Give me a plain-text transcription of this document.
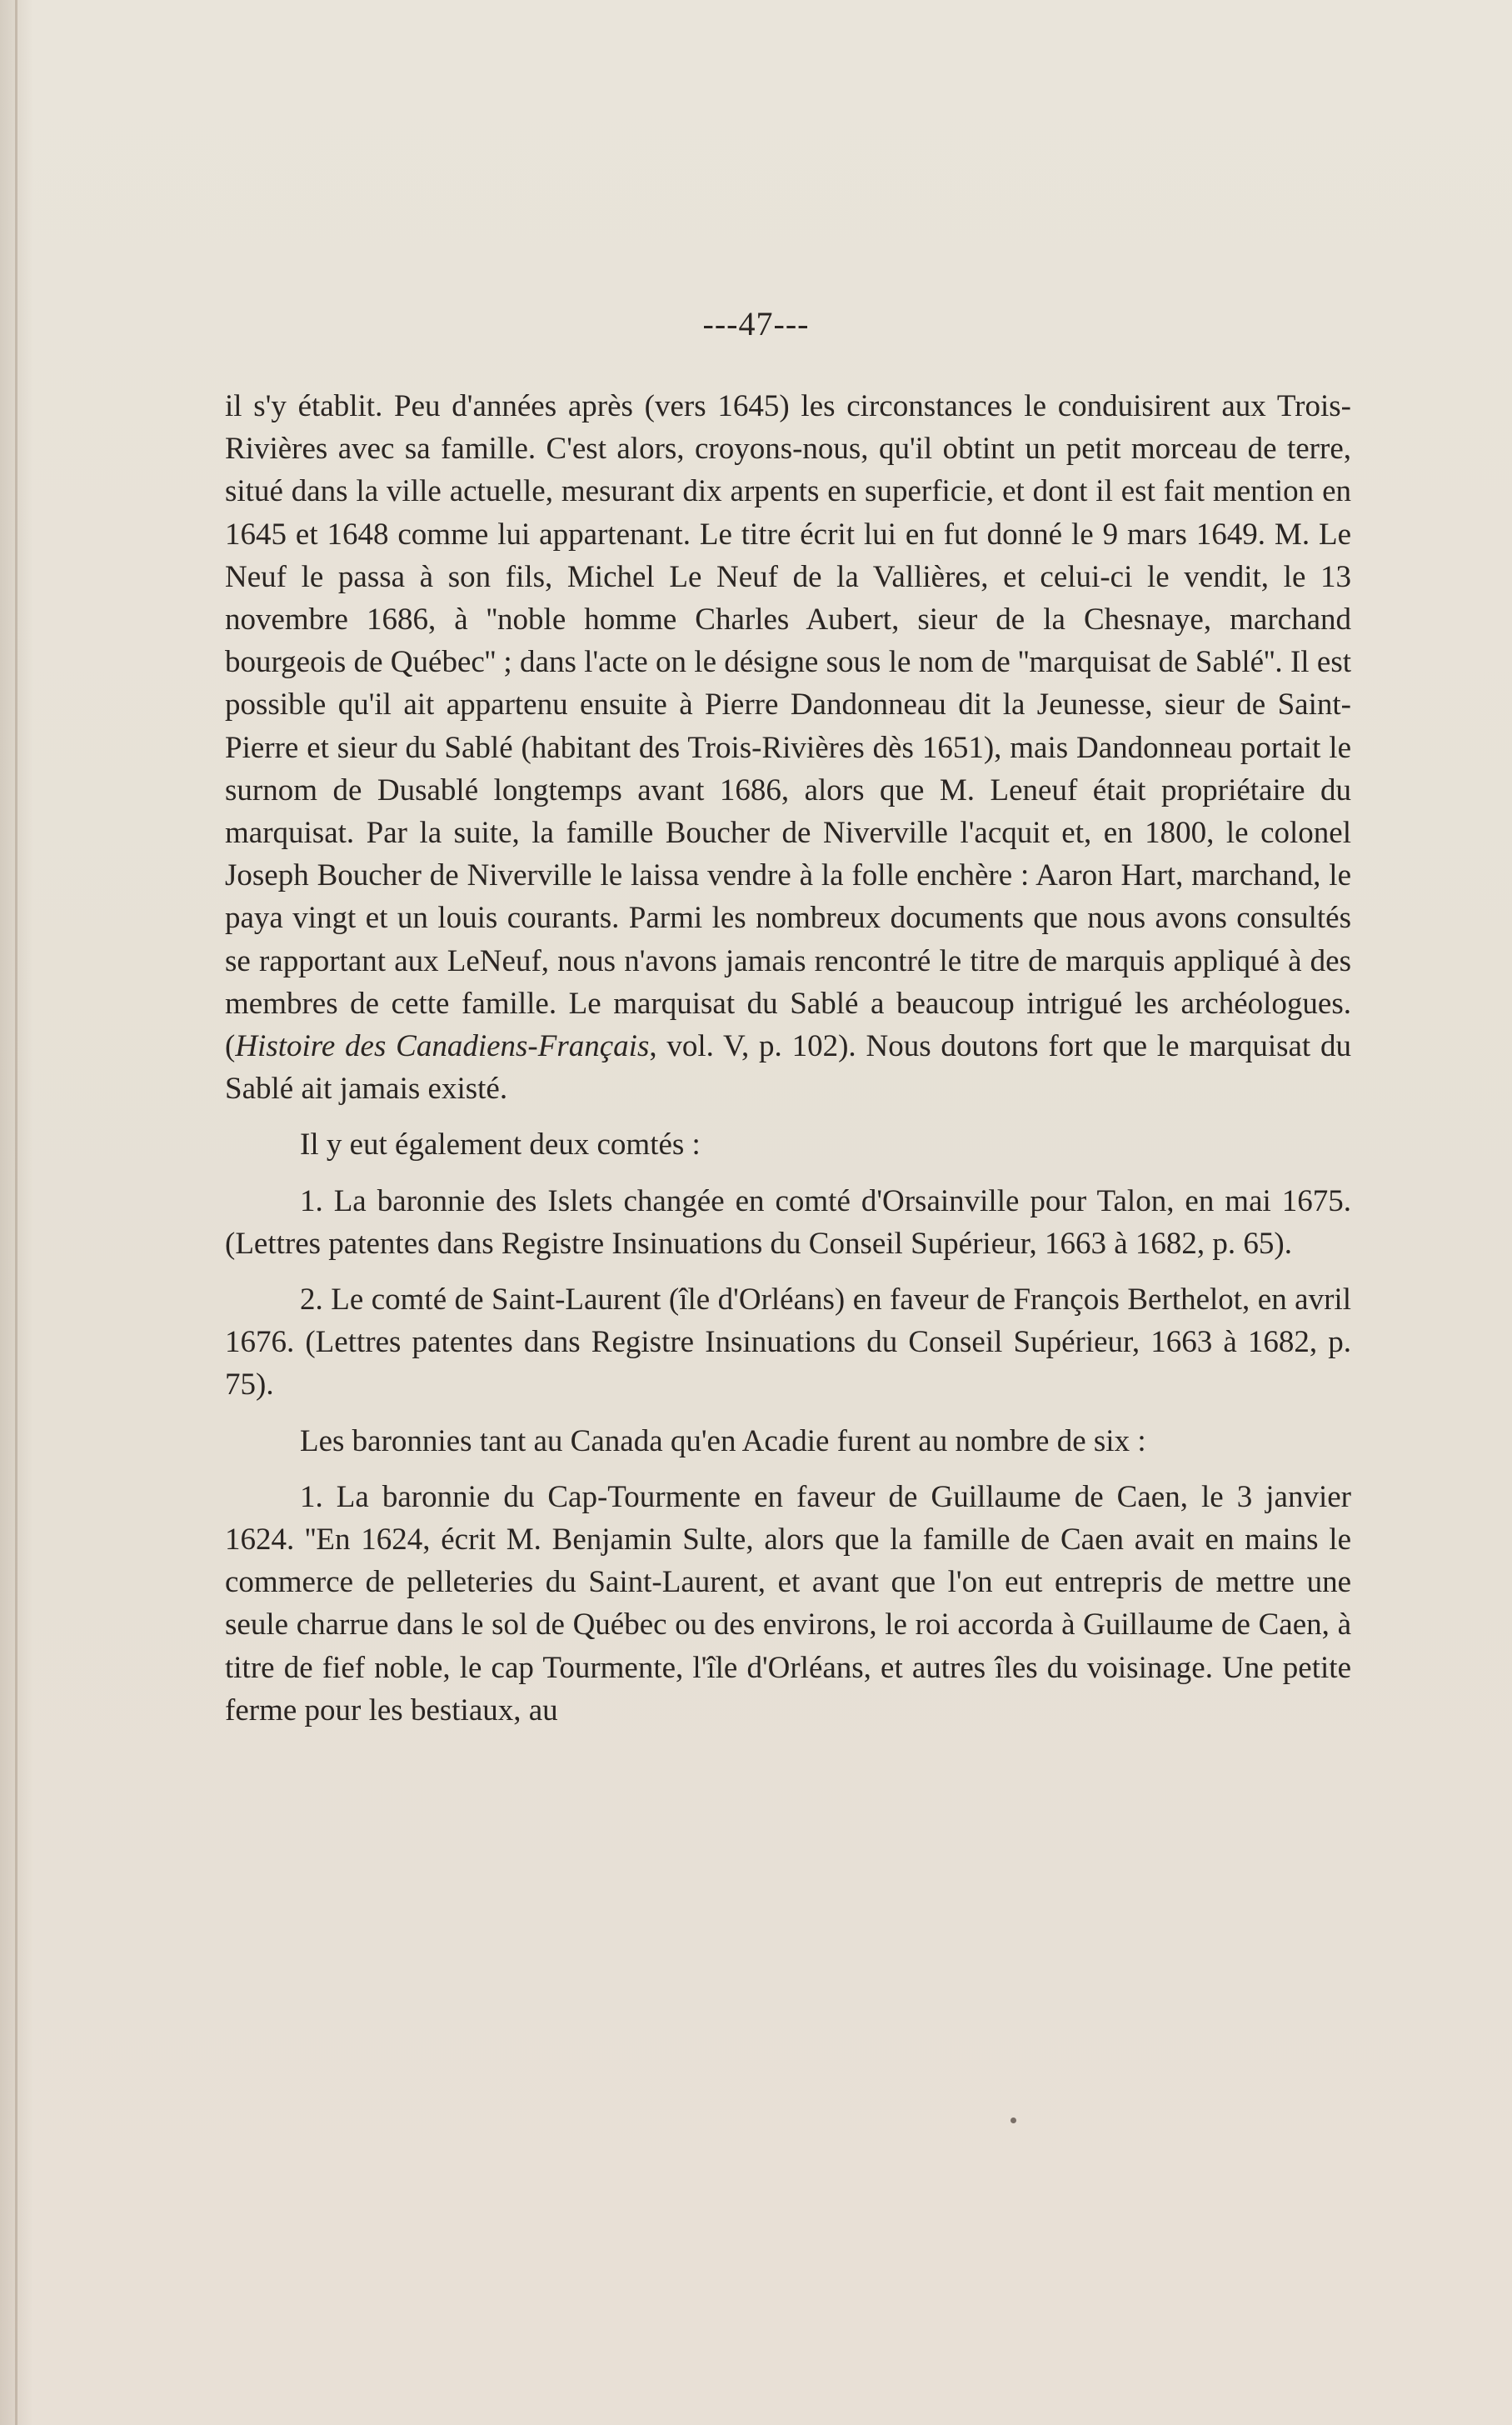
---47---

il s'y établit. Peu d'années après (vers 1645) les circonstances le conduisirent aux Trois-Rivières avec sa famille. C'est alors, croyons-nous, qu'il obtint un petit morceau de terre, situé dans la ville actuelle, mesurant dix arpents en superficie, et dont il est fait mention en 1645 et 1648 comme lui appartenant. Le titre écrit lui en fut donné le 9 mars 1649. M. Le Neuf le passa à son fils, Michel Le Neuf de la Vallières, et celui-ci le vendit, le 13 novembre 1686, à ''noble homme Charles Aubert, sieur de la Chesnaye, marchand bourgeois de Québec'' ; dans l'acte on le désigne sous le nom de ''marquisat de Sablé''. Il est possible qu'il ait appartenu ensuite à Pierre Dandonneau dit la Jeunesse, sieur de Saint-Pierre et sieur du Sablé (habitant des Trois-Rivières dès 1651), mais Dandonneau portait le surnom de Dusablé longtemps avant 1686, alors que M. Leneuf était propriétaire du marquisat. Par la suite, la famille Boucher de Niverville l'acquit et, en 1800, le colonel Joseph Boucher de Niverville le laissa vendre à la folle enchère : Aaron Hart, marchand, le paya vingt et un louis courants. Parmi les nombreux documents que nous avons consultés se rapportant aux LeNeuf, nous n'avons jamais rencontré le titre de marquis appliqué à des membres de cette famille. Le marquisat du Sablé a beaucoup intrigué les archéologues. (Histoire des Canadiens-Français, vol. V, p. 102). Nous doutons fort que le marquisat du Sablé ait jamais existé.

Il y eut également deux comtés :

1. La baronnie des Islets changée en comté d'Orsainville pour Talon, en mai 1675. (Lettres patentes dans Registre Insinuations du Conseil Supérieur, 1663 à 1682, p. 65).

2. Le comté de Saint-Laurent (île d'Orléans) en faveur de François Berthelot, en avril 1676. (Lettres patentes dans Registre Insinuations du Conseil Supérieur, 1663 à 1682, p. 75).

Les baronnies tant au Canada qu'en Acadie furent au nombre de six :

1. La baronnie du Cap-Tourmente en faveur de Guillaume de Caen, le 3 janvier 1624. ''En 1624, écrit M. Benjamin Sulte, alors que la famille de Caen avait en mains le commerce de pelleteries du Saint-Laurent, et avant que l'on eut entrepris de mettre une seule charrue dans le sol de Québec ou des environs, le roi accorda à Guillaume de Caen, à titre de fief noble, le cap Tourmente, l'île d'Orléans, et autres îles du voisinage. Une petite ferme pour les bestiaux, au
